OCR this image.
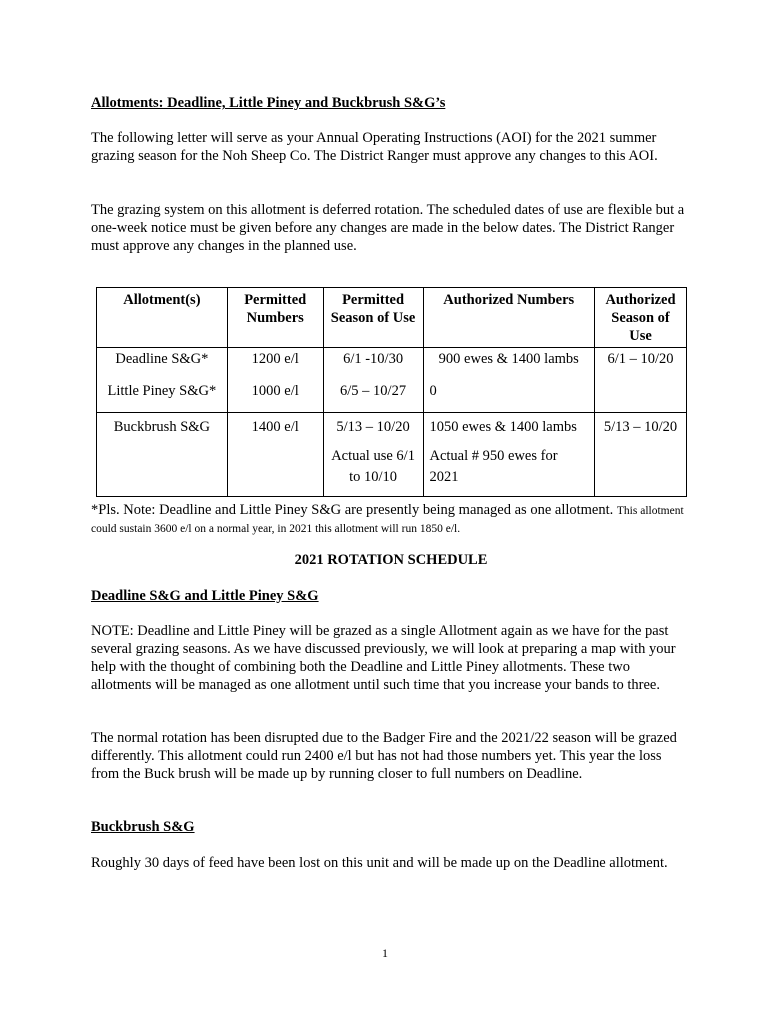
Allotments: Deadline, Little Piney and Buckbrush S&G’s

The following letter will serve as your Annual Operating Instructions (AOI) for the 2021 summer grazing season for the Noh Sheep Co. The District Ranger must approve any changes to this AOI.

The grazing system on this allotment is deferred rotation. The scheduled dates of use are flexible but a one-week notice must be given before any changes are made in the below dates. The District Ranger must approve any changes in the planned use.

Allotment(s)	Permitted Numbers	Permitted Season of Use	Authorized Numbers	Authorized Season of Use
Deadline S&G*	1200 e/l	6/1 -10/30	900 ewes & 1400 lambs	6/1 – 10/20
Little Piney S&G*	1000 e/l	6/5 – 10/27	0	
Buckbrush S&G	1400 e/l	5/13 – 10/20	1050 ewes & 1400 lambs	5/13 – 10/20
		Actual use 6/1 to 10/10	Actual # 950 ewes for 2021	
*Pls. Note: Deadline and Little Piney S&G are presently being managed as one allotment. This allotment could sustain 3600 e/l on a normal year, in 2021 this allotment will run 1850 e/l.

2021 ROTATION SCHEDULE

Deadline S&G and Little Piney S&G

NOTE: Deadline and Little Piney will be grazed as a single Allotment again as we have for the past several grazing seasons. As we have discussed previously, we will look at preparing a map with your help with the thought of combining both the Deadline and Little Piney allotments. These two allotments will be managed as one allotment until such time that you increase your bands to three.

The normal rotation has been disrupted due to the Badger Fire and the 2021/22 season will be grazed differently. This allotment could run 2400 e/l but has not had those numbers yet. This year the loss from the Buck brush will be made up by running closer to full numbers on Deadline.

Buckbrush S&G

Roughly 30 days of feed have been lost on this unit and will be made up on the Deadline allotment.

1
